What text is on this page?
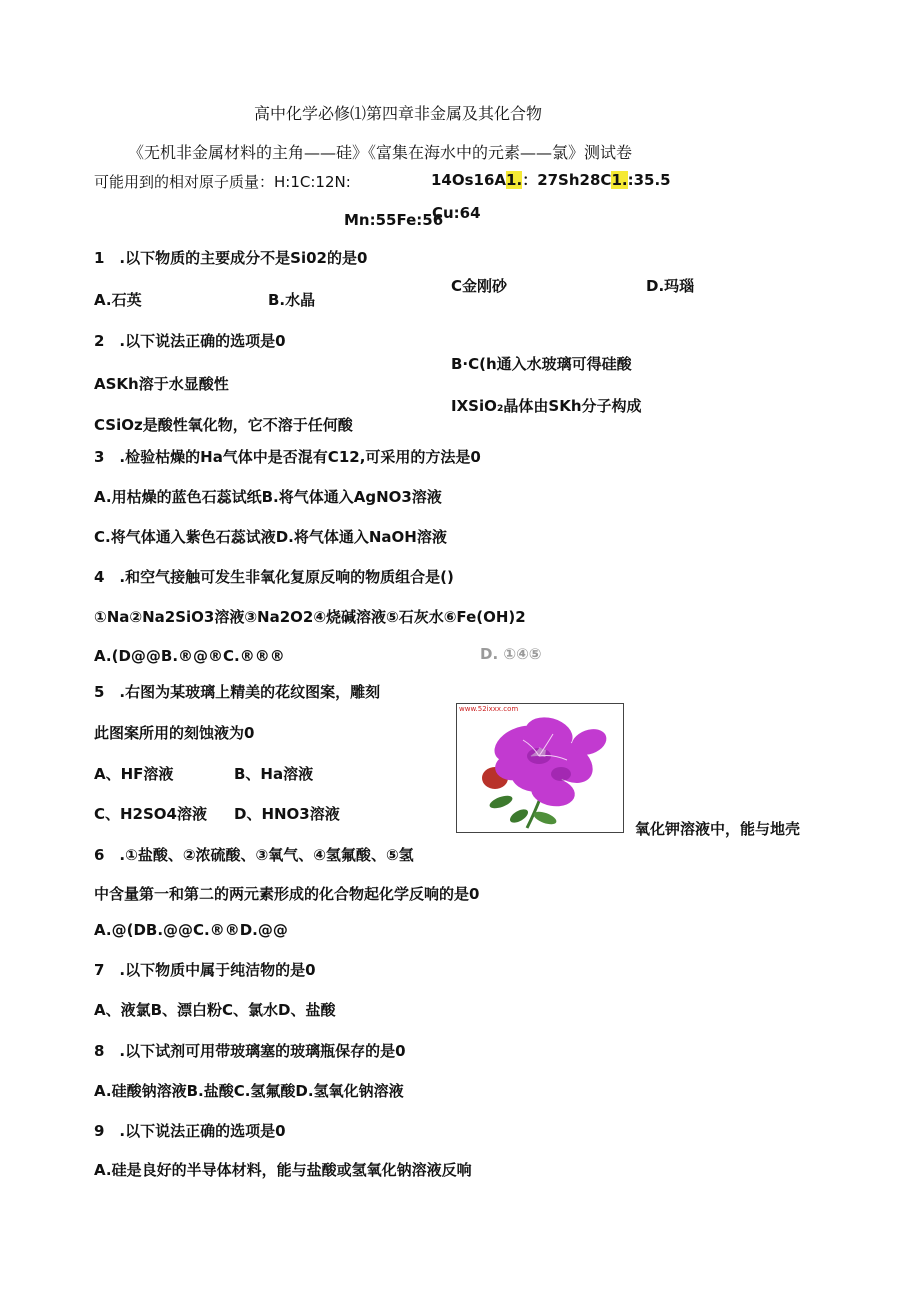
高中化学必修⑴第四章非金属及其化合物
《无机非金属材料的主角——硅》《富集在海水中的元素——氯》测试卷
可能用到的相对原子质量：H:1C:12N:	14Os16A1.：27Sh28C1.:35.5
Mn:55Fe:56
Cu:64
1　.以下物质的主要成分不是Si02的是0
A.石英	B.水晶
C金刚砂	D.玛瑙
2　.以下说法正确的选项是0
B·C(h通入水玻璃可得硅酸
ASKh溶于水显酸性
IXSiO₂晶体由SKh分子构成
CSiOz是酸性氧化物，它不溶于任何酸
3　.检验枯燥的Ha气体中是否混有C12,可采用的方法是0
A.用枯燥的蓝色石蕊试纸B.将气体通入AgNO3溶液
C.将气体通入紫色石蕊试液D.将气体通入NaOH溶液
4　.和空气接触可发生非氧化复原反响的物质组合是()
①Na②Na2SiO3溶液③Na2O2④烧碱溶液⑤石灰水⑥Fe(OH)2
A.(D@@B.®@®C.®®®	D. ①④⑤
5　.右图为某玻璃上精美的花纹图案，雕刻
此图案所用的刻蚀液为0
A、HF溶液	B、Ha溶液
C、H2SO4溶液 D、HNO3溶液
www.52ixxx.com
氧化钾溶液中，能与地壳
6　.①盐酸、②浓硫酸、③氧气、④氢氟酸、⑤氢
中含量第一和第二的两元素形成的化合物起化学反响的是0
A.@(DB.@@C.®®D.@@
7　.以下物质中属于纯洁物的是0
A、液氯B、漂白粉C、氯水D、盐酸
8　.以下试剂可用带玻璃塞的玻璃瓶保存的是0
A.硅酸钠溶液B.盐酸C.氢氟酸D.氢氧化钠溶液
9　.以下说法正确的选项是0
A.硅是良好的半导体材料，能与盐酸或氢氧化钠溶液反响
